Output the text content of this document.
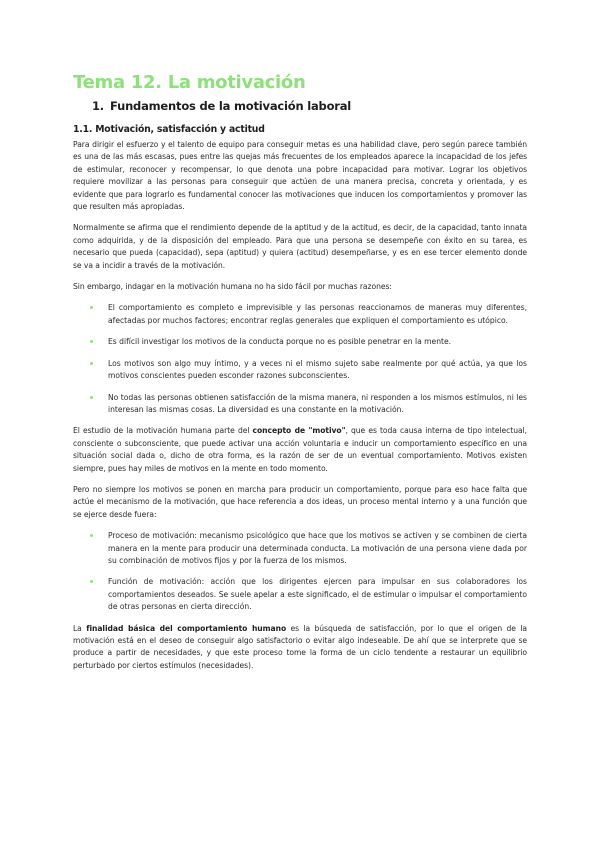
Tema 12. La motivación
1. Fundamentos de la motivación laboral
1.1. Motivación, satisfacción y actitud

Para dirigir el esfuerzo y el talento de equipo para conseguir metas es una habilidad clave, pero según parece también es una de las más escasas, pues entre las quejas más frecuentes de los empleados aparece la incapacidad de los jefes de estimular, reconocer y recompensar, lo que denota una pobre incapacidad para motivar. Lograr los objetivos requiere movilizar a las personas para conseguir que actúen de una manera precisa, concreta y orientada, y es evidente que para lograrlo es fundamental conocer las motivaciones que inducen los comportamientos y promover las que resulten más apropiadas.

Normalmente se afirma que el rendimiento depende de la aptitud y de la actitud, es decir, de la capacidad, tanto innata como adquirida, y de la disposición del empleado. Para que una persona se desempeñe con éxito en su tarea, es necesario que pueda (capacidad), sepa (aptitud) y quiera (actitud) desempeñarse, y es en ese tercer elemento donde se va a incidir a través de la motivación.

Sin embargo, indagar en la motivación humana no ha sido fácil por muchas razones:

El comportamiento es completo e imprevisible y las personas reaccionamos de maneras muy diferentes, afectadas por muchos factores; encontrar reglas generales que expliquen el comportamiento es utópico.
Es difícil investigar los motivos de la conducta porque no es posible penetrar en la mente.
Los motivos son algo muy íntimo, y a veces ni el mismo sujeto sabe realmente por qué actúa, ya que los motivos conscientes pueden esconder razones subconscientes.
No todas las personas obtienen satisfacción de la misma manera, ni responden a los mismos estímulos, ni les interesan las mismas cosas. La diversidad es una constante en la motivación.

El estudio de la motivación humana parte del concepto de "motivo", que es toda causa interna de tipo intelectual, consciente o subconsciente, que puede activar una acción voluntaria e inducir un comportamiento específico en una situación social dada o, dicho de otra forma, es la razón de ser de un eventual comportamiento. Motivos existen siempre, pues hay miles de motivos en la mente en todo momento.

Pero no siempre los motivos se ponen en marcha para producir un comportamiento, porque para eso hace falta que actúe el mecanismo de la motivación, que hace referencia a dos ideas, un proceso mental interno y a una función que se ejerce desde fuera:

Proceso de motivación: mecanismo psicológico que hace que los motivos se activen y se combinen de cierta manera en la mente para producir una determinada conducta. La motivación de una persona viene dada por su combinación de motivos fijos y por la fuerza de los mismos.
Función de motivación: acción que los dirigentes ejercen para impulsar en sus colaboradores los comportamientos deseados. Se suele apelar a este significado, el de estimular o impulsar el comportamiento de otras personas en cierta dirección.

La finalidad básica del comportamiento humano es la búsqueda de satisfacción, por lo que el origen de la motivación está en el deseo de conseguir algo satisfactorio o evitar algo indeseable. De ahí que se interprete que se produce a partir de necesidades, y que este proceso tome la forma de un ciclo tendente a restaurar un equilibrio perturbado por ciertos estímulos (necesidades).
